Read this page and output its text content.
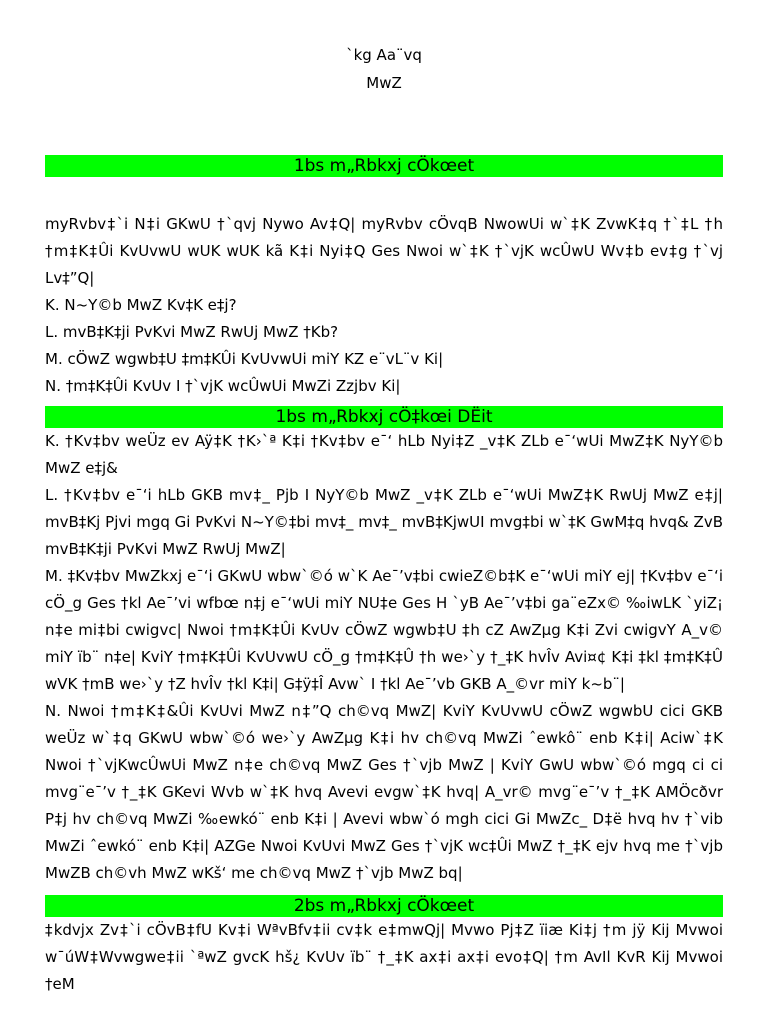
`kg Aa¨vq
MwZ
1bs m„Rbkxj cÖkœet

myRvbv‡`i N‡i GKwU †`qvj Nywo Av‡Q| myRvbv cÖvqB NwowUi w`‡K ZvwK‡q †`‡L †h †m‡K‡Ûi KvUvwU wUK wUK kã K‡i Nyi‡Q Ges Nwoi w`‡K †`vjK wcÛwU Wv‡b ev‡g †`vj Lv‡”Q|

K. N~Y©b MwZ Kv‡K e‡j?

L. mvB‡K‡ji PvKvi MwZ RwUj MwZ †Kb?

M. cÖwZ wgwb‡U ‡m‡KÛi KvUvwUi miY KZ e¨vL¨v Ki|

N. †m‡K‡Ûi KvUv I †`vjK wcÛwUi MwZi Zzjbv Ki|

1bs m„Rbkxj cÖ‡kœi DËit

K. †Kv‡bv weÜz ev Aÿ‡K †K›`ª K‡i †Kv‡bv e¯‘ hLb Nyi‡Z _v‡K ZLb e¯‘wUi MwZ‡K NyY©b MwZ e‡j&

L. †Kv‡bv e¯‘i hLb GKB mv‡_ Pjb I NyY©b MwZ _v‡K ZLb e¯‘wUi MwZ‡K RwUj MwZ e‡j| mvB‡Kj Pjvi mgq Gi PvKvi N~Y©‡bi mv‡_ mv‡_ mvB‡KjwUI mvg‡bi w`‡K GwM‡q hvq& ZvB mvB‡K‡ji PvKvi MwZ RwUj MwZ|

M. ‡Kv‡bv MwZkxj e¯‘i GKwU wbw`©ó w`K Ae¯’v‡bi cwieZ©b‡K e¯‘wUi miY ej| †Kv‡bv e¯‘i cÖ_g Ges †kl Ae¯’vi wfbœ n‡j e¯‘wUi miY NU‡e Ges H `yB Ae¯’v‡bi ga¨eZx© ‰iwLK `yiZ¡ n‡e mi‡bi cwigvc| Nwoi †m‡K‡Ûi KvUv cÖwZ wgwb‡U ‡h cZ AwZµg K‡i Zvi cwigvY A_v© miY ïb¨ n‡e| KviY †m‡K‡Ûi KvUvwU cÖ_g †m‡K‡Û †h we›`y †_‡K hvÎv Avi¤¢ K‡i ‡kl ‡m‡K‡Û wVK †mB we›`y †Z hvÎv †kl K‡i| G‡ÿ‡Î Avw` I †kl Ae¯’vb GKB A_©vr miY k~b¨|

N. Nwoi †m‡K‡&Ûi KvUvi MwZ n‡”Q ch©vq MwZ| KviY KvUvwU cÖwZ wgwbU cici GKB weÜz w`‡q GKwU wbw`©ó we›`y AwZµg K‡i hv ch©vq MwZi ˆewkô¨ enb K‡i| Aciw`‡K Nwoi †`vjKwcÛwUi MwZ n‡e ch©vq MwZ Ges †`vjb MwZ | KviY GwU wbw`©ó mgq ci ci mvg¨e¯’v †_‡K GKevi Wvb w`‡K hvq Avevi evgw`‡K hvq| A_vr© mvg¨e¯’v †_‡K AMÖcðvr P‡j hv ch©vq MwZi ‰ewkó¨ enb K‡i | Avevi wbw`ó mgh cici Gi MwZc_ D‡ë hvq hv †`vib MwZi ˆewkó¨ enb K‡i| AZGe Nwoi KvUvi MwZ Ges †`vjK wc‡Ûi MwZ †_‡K ejv hvq me †`vjb MwZB ch©vh MwZ wKš‘ me ch©vq MwZ †`vjb MwZ bq|

2bs m„Rbkxj cÖkœet

‡kdvjx Zv‡`i cÖvB‡fU Kv‡i WªvBfv‡ii cv‡k e‡mwQj| Mvwo Pj‡Z ïiæ Ki‡j †m jÿ Kij Mvwoi w¯úW‡Wvwgwe‡ii `ªwZ gvcK hš¿ KvUv ïb¨ †_‡K ax‡i ax‡i evo‡Q| †m AvIl KvR Kij Mvwoi †eM
